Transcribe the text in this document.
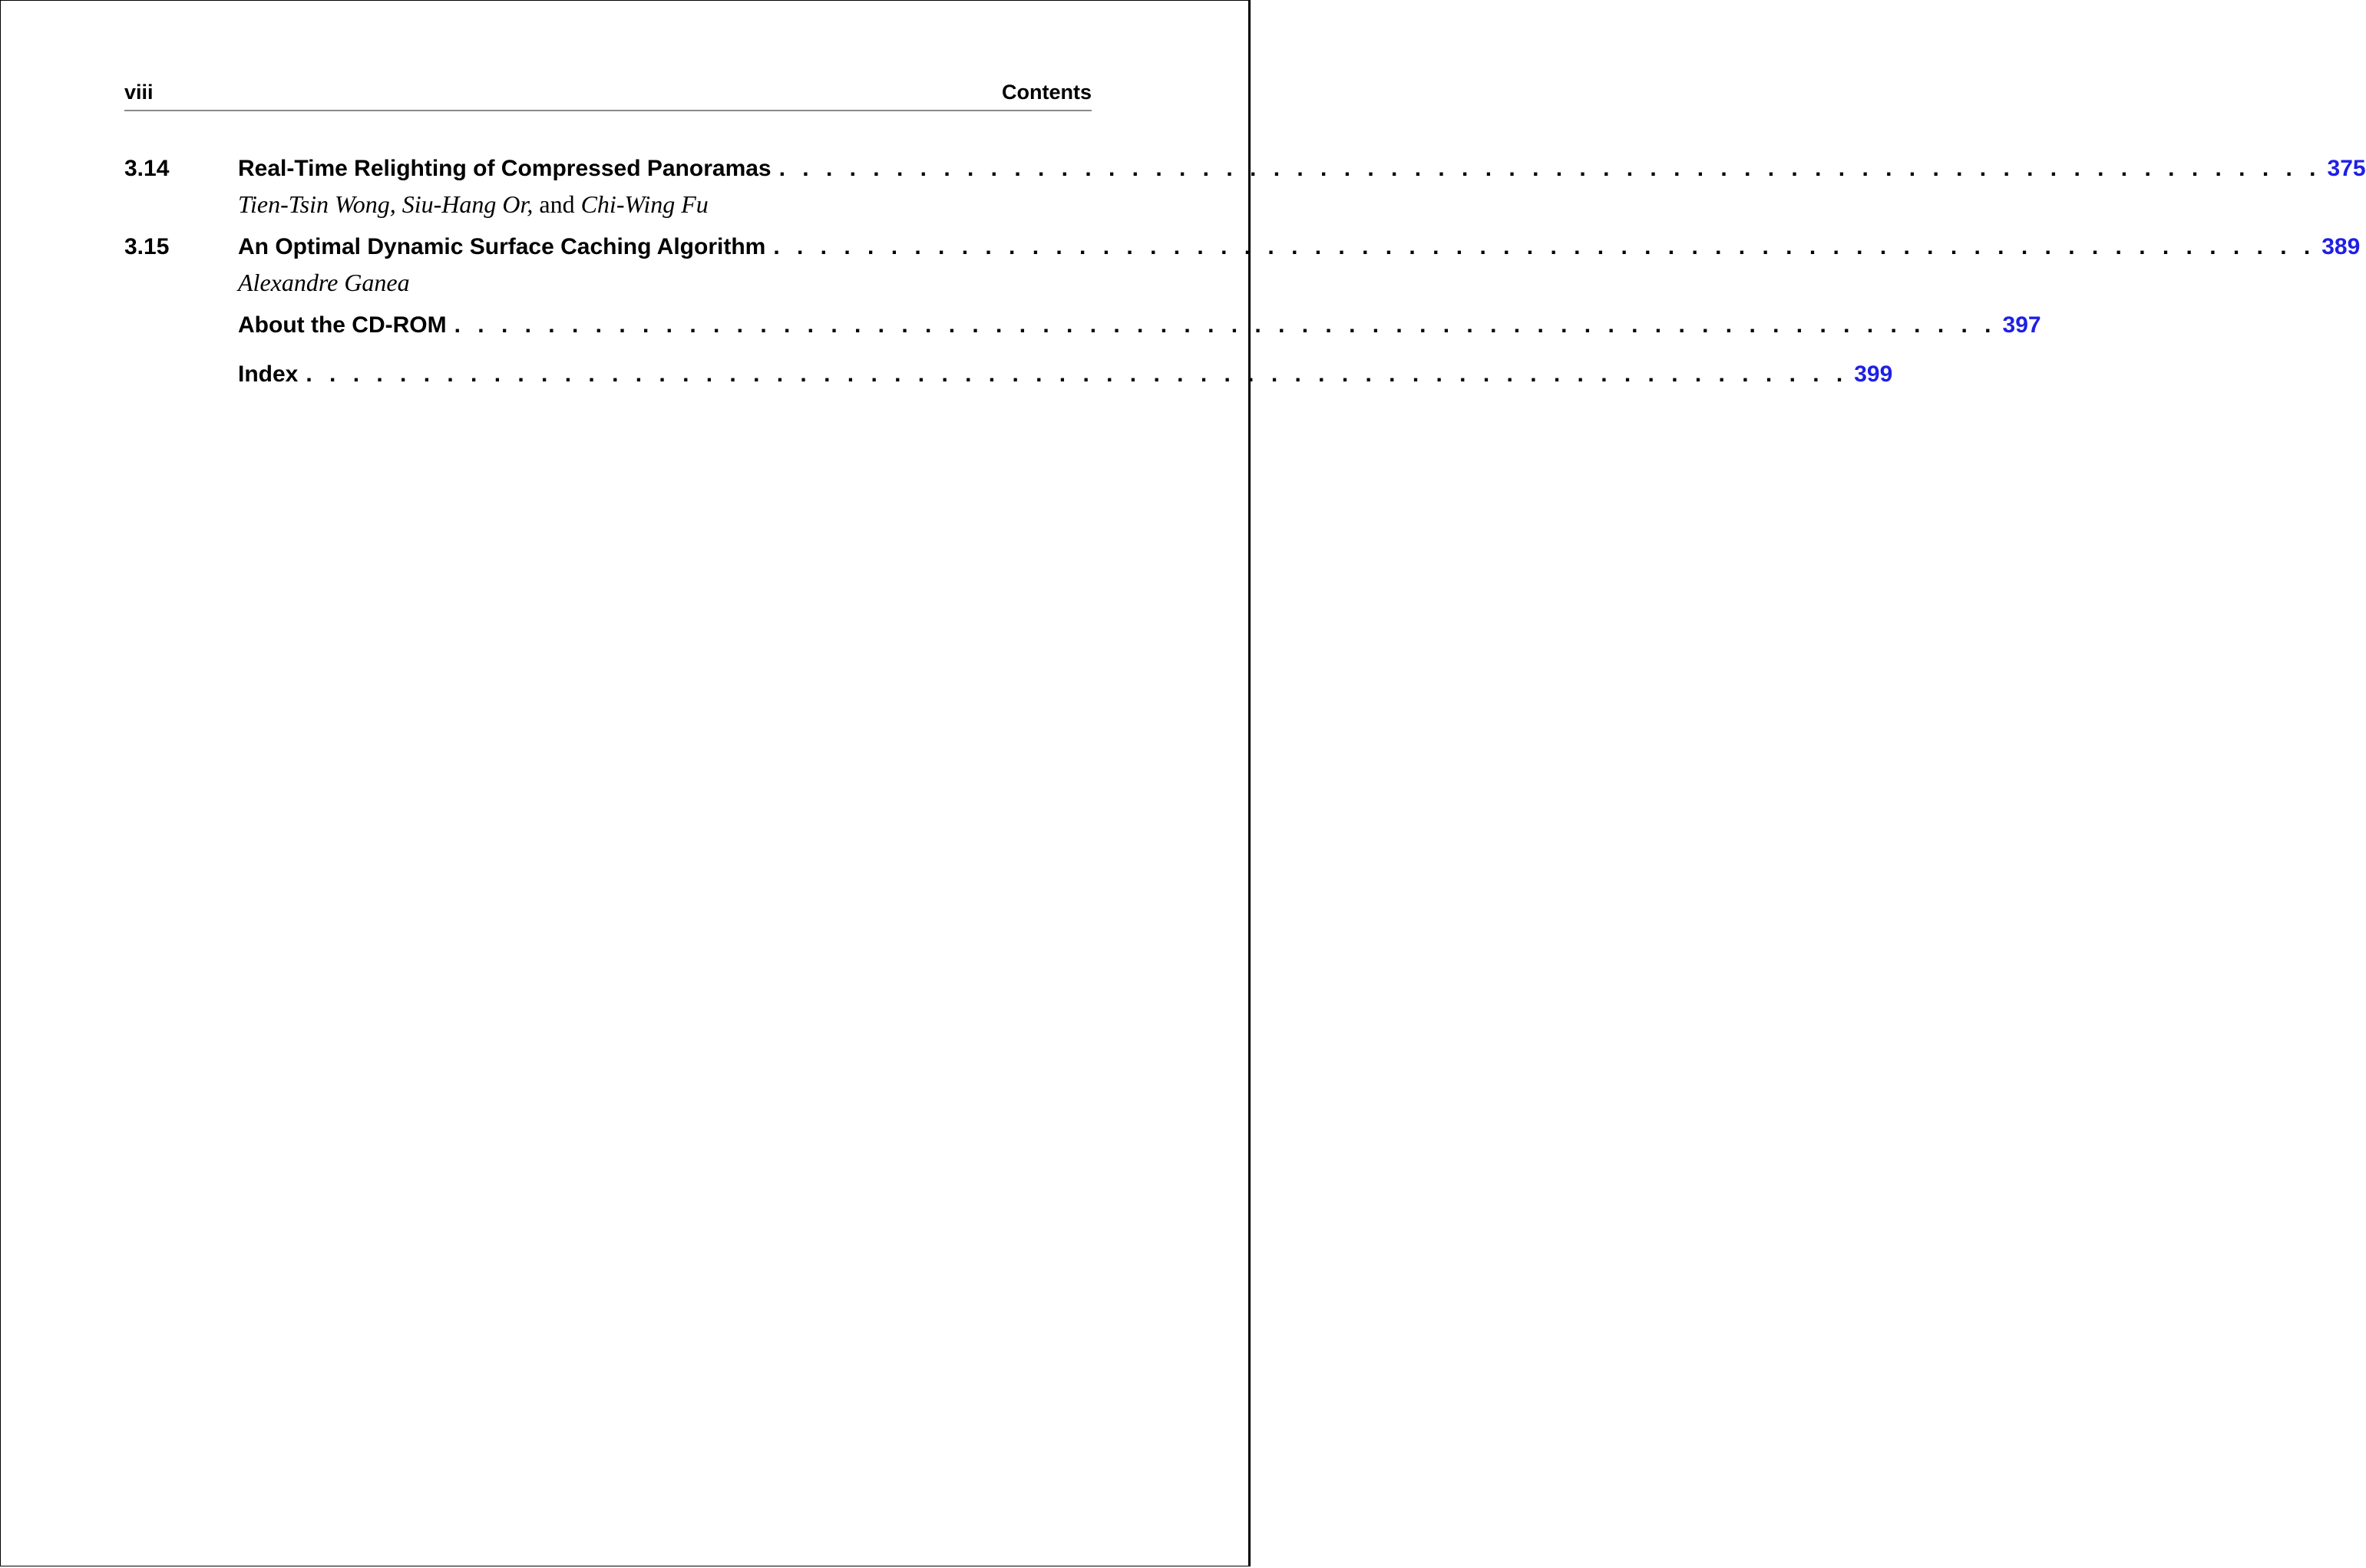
viii	Contents
3.14	Real-Time Relighting of Compressed Panoramas . . . . . . . . . . . . . . . . . . . . . . . . . . . . . . . . . . . . . . . . . . . . . . . . . . . . . . . . . . . . . . . . . . 375
Tien-Tsin Wong, Siu-Hang Or, and Chi-Wing Fu
3.15	An Optimal Dynamic Surface Caching Algorithm . . . . . . . . . . . . . . . . . . . . . . . . . . . . . . . . . . . . . . . . . . . . . . . . . . . . . . . . . . . . . . . . . . 389
Alexandre Ganea
About the CD-ROM . . . . . . . . . . . . . . . . . . . . . . . . . . . . . . . . . . . . . . . . . . . . . . . . . . . . . . . . . . . . . . . . . . 397
Index . . . . . . . . . . . . . . . . . . . . . . . . . . . . . . . . . . . . . . . . . . . . . . . . . . . . . . . . . . . . . . . . . . 399
